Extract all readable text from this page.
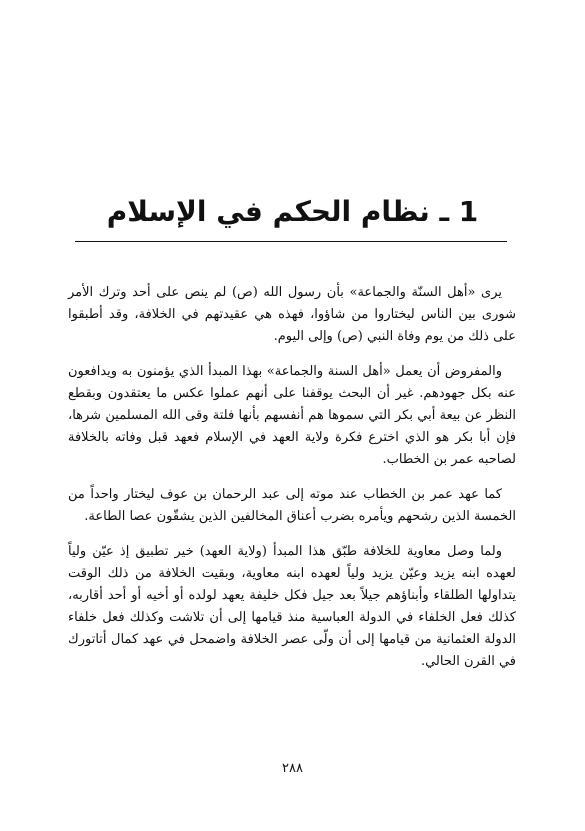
1 ـ نظام الحكم في الإسلام

يرى «أهل السنّة والجماعة» بأن رسول الله (ص) لم ينص على أحد وترك الأمر شورى بين الناس ليختاروا من شاؤوا، فهذه هي عقيدتهم في الخلافة، وقد أطبقوا على ذلك من يوم وفاة النبي (ص) وإلى اليوم.

والمفروض أن يعمل «أهل السنة والجماعة» بهذا المبدأ الذي يؤمنون به ويدافعون عنه بكل جهودهم. غير أن البحث يوقفنا على أنهم عملوا عكس ما يعتقدون وبقطع النظر عن بيعة أبي بكر التي سموها هم أنفسهم بأنها فلتة وقى الله المسلمين شرها، فإن أبا بكر هو الذي اخترع فكرة ولاية العهد في الإسلام فعهد قبل وفاته بالخلافة لصاحبه عمر بن الخطاب.

كما عهد عمر بن الخطاب عند موته إلى عبد الرحمان بن عوف ليختار واحداً من الخمسة الذين رشحهم ويأمره بضرب أعناق المخالفين الذين يشقّون عصا الطاعة.

ولما وصل معاوية للخلافة طبّق هذا المبدأ (ولاية العهد) خير تطبيق إذ عيّن ولياً لعهده ابنه يزيد وعيّن يزيد ولياً لعهده ابنه معاوية، وبقيت الخلافة من ذلك الوقت يتداولها الطلقاء وأبناؤهم جيلاً بعد جيل فكل خليفة يعهد لولده أو أخيه أو أحد أقاربه، كذلك فعل الخلفاء في الدولة العباسية منذ قيامها إلى أن تلاشت وكذلك فعل خلفاء الدولة العثمانية من قيامها إلى أن ولّى عصر الخلافة واضمحل في عهد كمال أتاتورك في القرن الحالي.

٢٨٨
